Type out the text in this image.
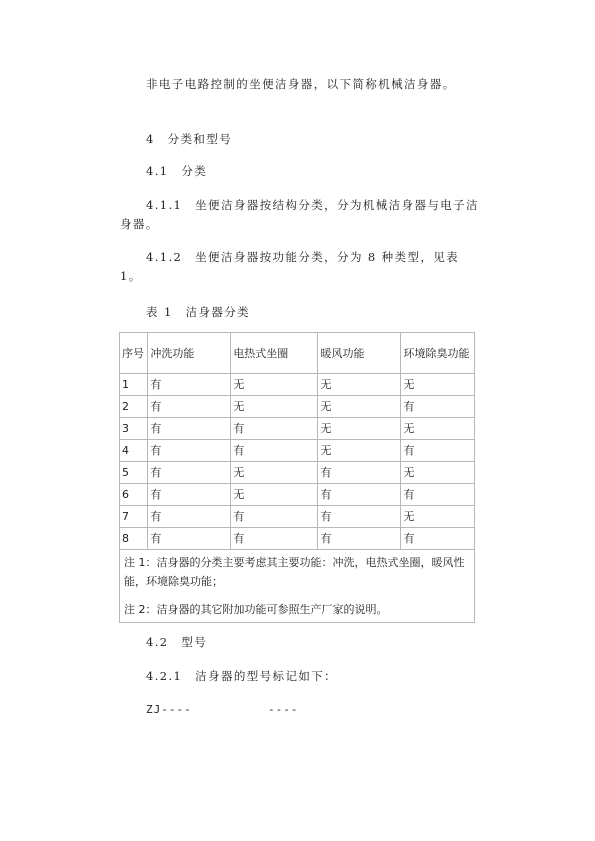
非电子电路控制的坐便洁身器，以下简称机械洁身器。

4　分类和型号

4.1　分类

4.1.1　坐便洁身器按结构分类，分为机械洁身器与电子洁身器。

4.1.2　坐便洁身器按功能分类，分为 8 种类型，见表 1。

表 1　洁身器分类

序号	冲洗功能	电热式坐圈	暖风功能	环境除臭功能
1	有	无	无	无
2	有	无	无	有
3	有	有	无	无
4	有	有	无	有
5	有	无	有	无
6	有	无	有	有
7	有	有	有	无
8	有	有	有	有

注 1：洁身器的分类主要考虑其主要功能：冲洗，电热式坐圈，暖风性能，环境除臭功能；

注 2：洁身器的其它附加功能可参照生产厂家的说明。				

4.2.1　洁身器的型号标记如下：

4.2　型号

ZJ----          ----
